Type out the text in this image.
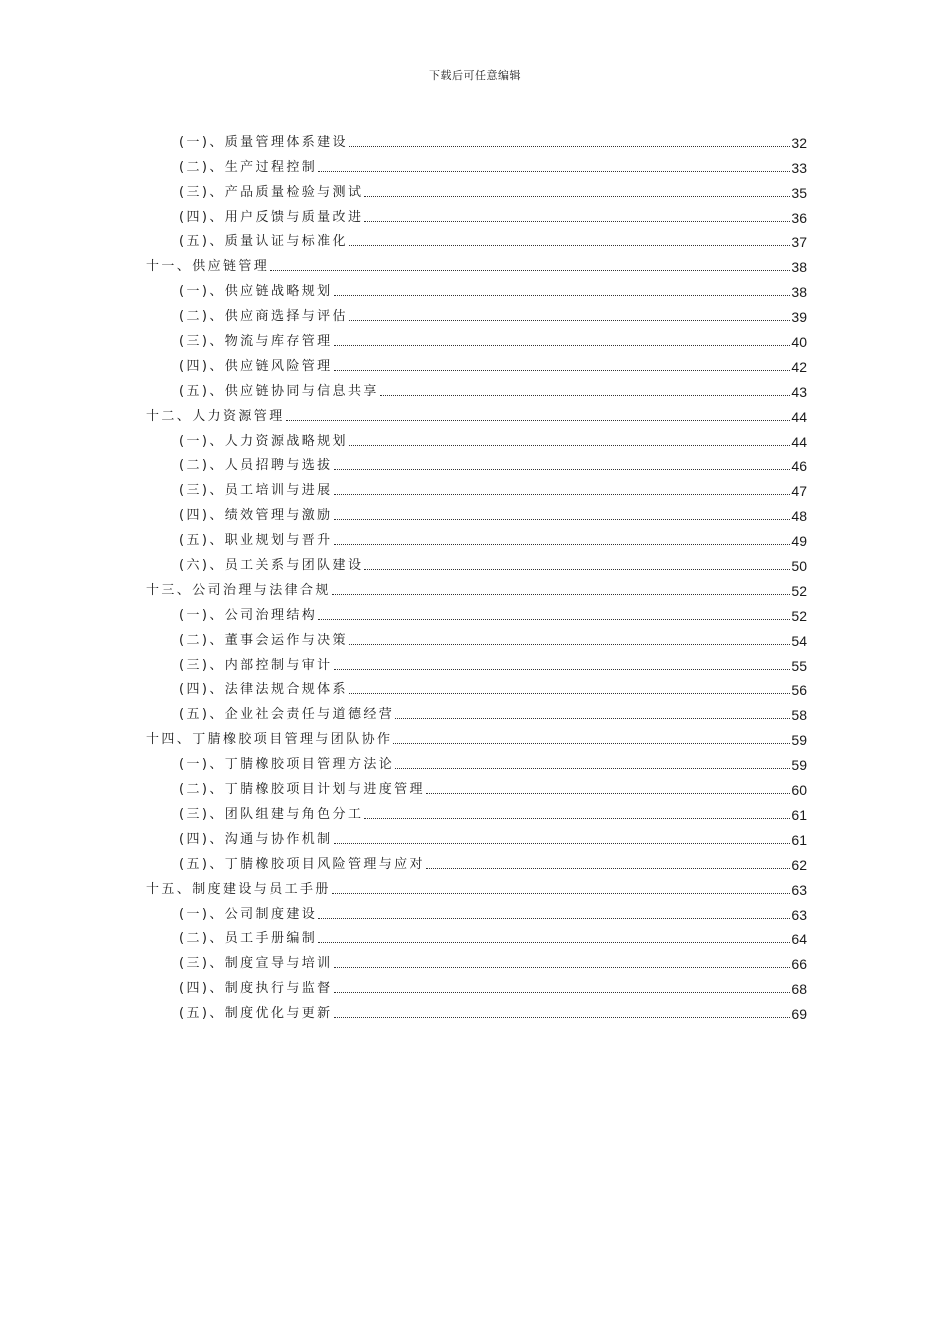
下载后可任意编辑
(一)、质量管理体系建设	32
(二)、生产过程控制	33
(三)、产品质量检验与测试	35
(四)、用户反馈与质量改进	36
(五)、质量认证与标准化	37
十一、供应链管理	38
(一)、供应链战略规划	38
(二)、供应商选择与评估	39
(三)、物流与库存管理	40
(四)、供应链风险管理	42
(五)、供应链协同与信息共享	43
十二、人力资源管理	44
(一)、人力资源战略规划	44
(二)、人员招聘与选拔	46
(三)、员工培训与进展	47
(四)、绩效管理与激励	48
(五)、职业规划与晋升	49
(六)、员工关系与团队建设	50
十三、公司治理与法律合规	52
(一)、公司治理结构	52
(二)、董事会运作与决策	54
(三)、内部控制与审计	55
(四)、法律法规合规体系	56
(五)、企业社会责任与道德经营	58
十四、丁腈橡胶项目管理与团队协作	59
(一)、丁腈橡胶项目管理方法论	59
(二)、丁腈橡胶项目计划与进度管理	60
(三)、团队组建与角色分工	61
(四)、沟通与协作机制	61
(五)、丁腈橡胶项目风险管理与应对	62
十五、制度建设与员工手册	63
(一)、公司制度建设	63
(二)、员工手册编制	64
(三)、制度宣导与培训	66
(四)、制度执行与监督	68
(五)、制度优化与更新	69
